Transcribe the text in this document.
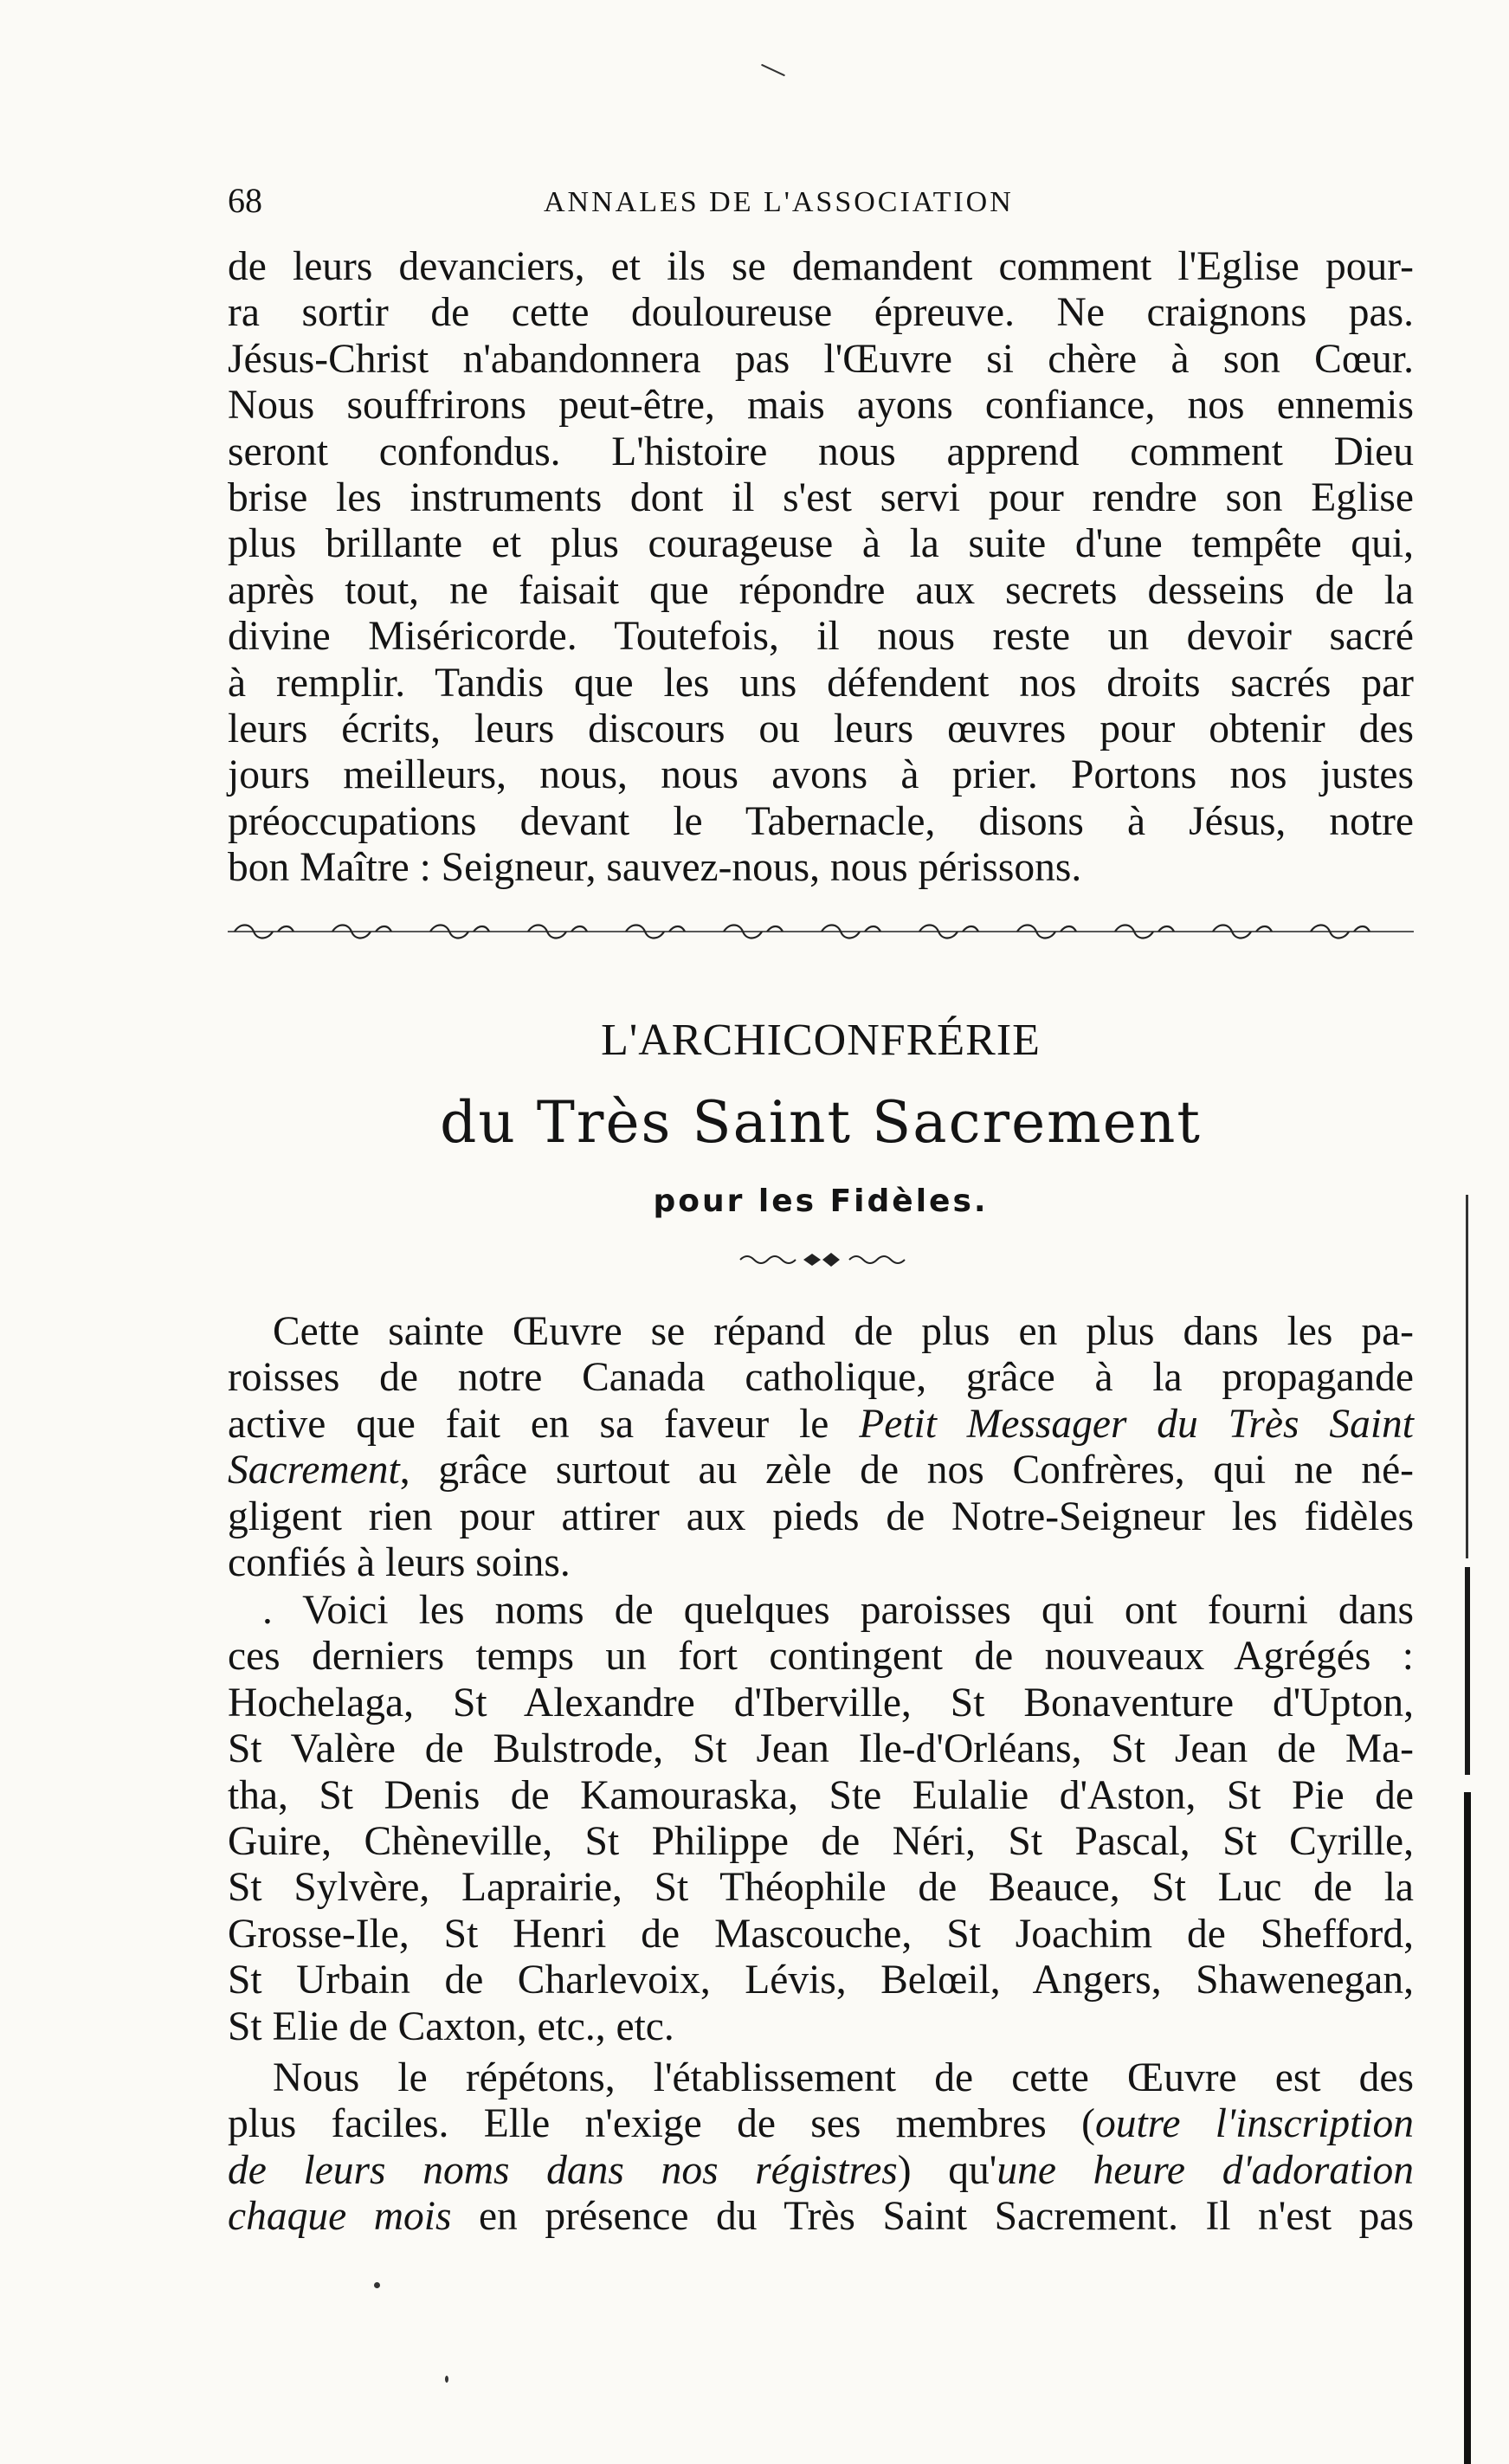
68	ANNALES DE L'ASSOCIATION
de leurs devanciers, et ils se demandent comment l'Eglise pour-
ra sortir de cette douloureuse épreuve. Ne craignons pas.
Jésus-Christ n'abandonnera pas l'Œuvre si chère à son Cœur.
Nous souffrirons peut-être, mais ayons confiance, nos ennemis
seront confondus. L'histoire nous apprend comment Dieu
brise les instruments dont il s'est servi pour rendre son Eglise
plus brillante et plus courageuse à la suite d'une tempête qui,
après tout, ne faisait que répondre aux secrets desseins de la
divine Miséricorde. Toutefois, il nous reste un devoir sacré
à remplir. Tandis que les uns défendent nos droits sacrés par
leurs écrits, leurs discours ou leurs œuvres pour obtenir des
jours meilleurs, nous, nous avons à prier. Portons nos justes
préoccupations devant le Tabernacle, disons à Jésus, notre
bon Maître : Seigneur, sauvez-nous, nous périssons.
L'ARCHICONFRÉRIE
du Très Saint Sacrement
pour les Fidèles.
Cette sainte Œuvre se répand de plus en plus dans les pa-
roisses de notre Canada catholique, grâce à la propagande
active que fait en sa faveur le Petit Messager du Très Saint
Sacrement, grâce surtout au zèle de nos Confrères, qui ne né-
gligent rien pour attirer aux pieds de Notre-Seigneur les fidèles
confiés à leurs soins.
. Voici les noms de quelques paroisses qui ont fourni dans
ces derniers temps un fort contingent de nouveaux Agrégés :
Hochelaga, St Alexandre d'Iberville, St Bonaventure d'Upton,
St Valère de Bulstrode, St Jean Ile-d'Orléans, St Jean de Ma-
tha, St Denis de Kamouraska, Ste Eulalie d'Aston, St Pie de
Guire, Chèneville, St Philippe de Néri, St Pascal, St Cyrille,
St Sylvère, Laprairie, St Théophile de Beauce, St Luc de la
Grosse-Ile, St Henri de Mascouche, St Joachim de Shefford,
St Urbain de Charlevoix, Lévis, Belœil, Angers, Shawenegan,
St Elie de Caxton, etc., etc.
Nous le répétons, l'établissement de cette Œuvre est des
plus faciles. Elle n'exige de ses membres (outre l'inscription
de leurs noms dans nos régistres) qu'une heure d'adoration
chaque mois en présence du Très Saint Sacrement. Il n'est pas
